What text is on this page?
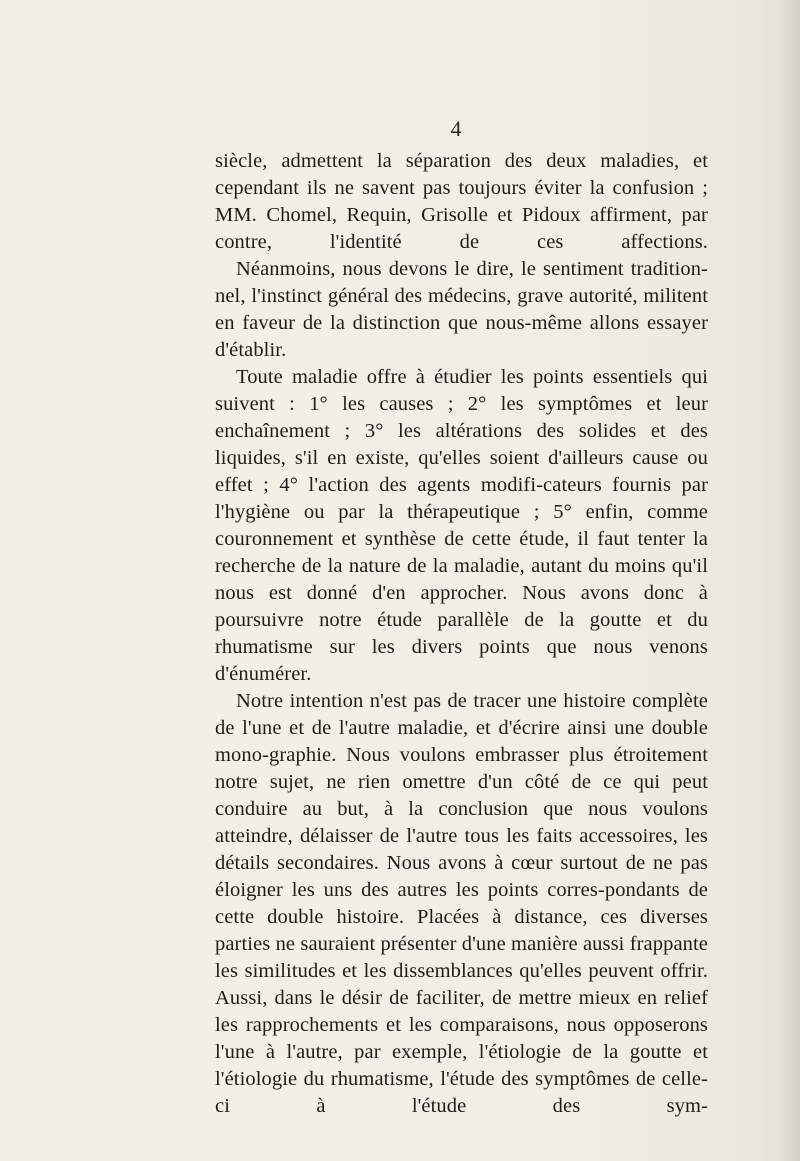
4

siècle, admettent la séparation des deux maladies, et cependant ils ne savent pas toujours éviter la confusion ; MM. Chomel, Requin, Grisolle et Pidoux affirment, par contre, l'identité de ces affections.

Néanmoins, nous devons le dire, le sentiment tradition-nel, l'instinct général des médecins, grave autorité, militent en faveur de la distinction que nous-même allons essayer d'établir.

Toute maladie offre à étudier les points essentiels qui suivent : 1° les causes ; 2° les symptômes et leur enchaînement ; 3° les altérations des solides et des liquides, s'il en existe, qu'elles soient d'ailleurs cause ou effet ; 4° l'action des agents modifi-cateurs fournis par l'hygiène ou par la thérapeutique ; 5° enfin, comme couronnement et synthèse de cette étude, il faut tenter la recherche de la nature de la maladie, autant du moins qu'il nous est donné d'en approcher. Nous avons donc à poursuivre notre étude parallèle de la goutte et du rhumatisme sur les divers points que nous venons d'énumérer.

Notre intention n'est pas de tracer une histoire complète de l'une et de l'autre maladie, et d'écrire ainsi une double mono-graphie. Nous voulons embrasser plus étroitement notre sujet, ne rien omettre d'un côté de ce qui peut conduire au but, à la conclusion que nous voulons atteindre, délaisser de l'autre tous les faits accessoires, les détails secondaires. Nous avons à cœur surtout de ne pas éloigner les uns des autres les points corres-pondants de cette double histoire. Placées à distance, ces diverses parties ne sauraient présenter d'une manière aussi frappante les similitudes et les dissemblances qu'elles peuvent offrir. Aussi, dans le désir de faciliter, de mettre mieux en relief les rapprochements et les comparaisons, nous opposerons l'une à l'autre, par exemple, l'étiologie de la goutte et l'étiologie du rhumatisme, l'étude des symptômes de celle-ci à l'étude des sym-
